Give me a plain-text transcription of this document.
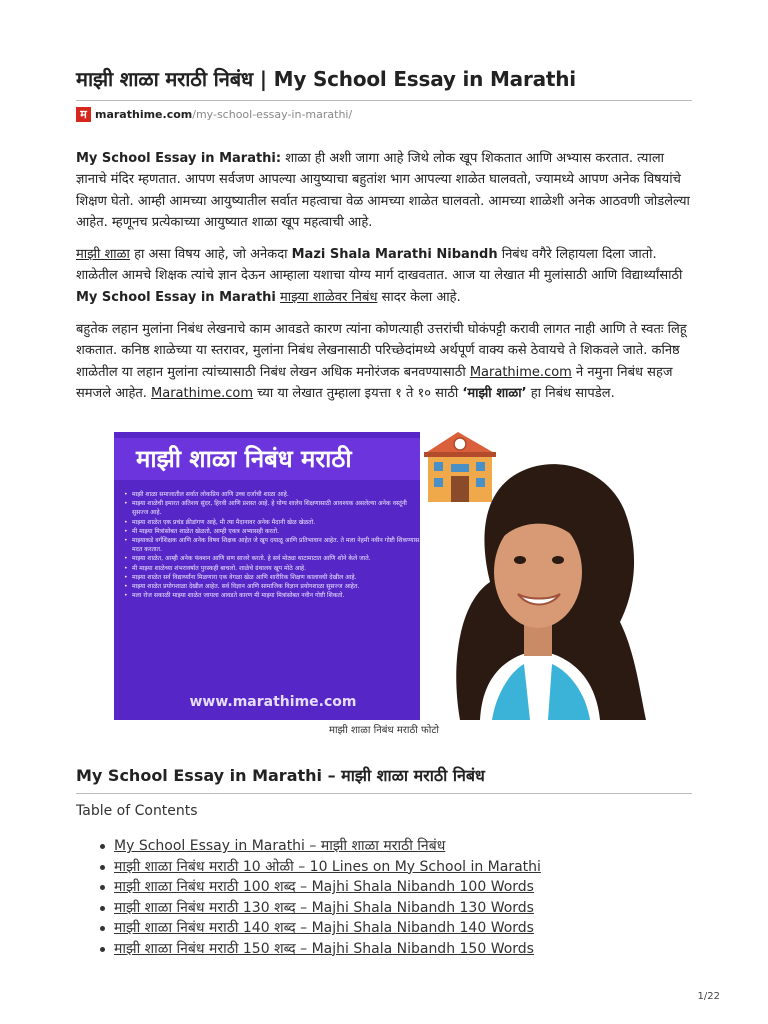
माझी शाळा मराठी निबंध | My School Essay in Marathi
म marathime.com /my-school-essay-in-marathi/

My School Essay in Marathi: शाळा ही अशी जागा आहे जिथे लोक खूप शिकतात आणि अभ्यास करतात. त्याला ज्ञानाचे मंदिर म्हणतात. आपण सर्वजण आपल्या आयुष्याचा बहुतांश भाग आपल्या शाळेत घालवतो, ज्यामध्ये आपण अनेक विषयांचे शिक्षण घेतो. आम्ही आमच्या आयुष्यातील सर्वात महत्वाचा वेळ आमच्या शाळेत घालवतो. आमच्या शाळेशी अनेक आठवणी जोडलेल्या आहेत. म्हणूनच प्रत्येकाच्या आयुष्यात शाळा खूप महत्वाची आहे.

माझी शाळा हा असा विषय आहे, जो अनेकदा Mazi Shala Marathi Nibandh निबंध वगैरे लिहायला दिला जातो. शाळेतील आमचे शिक्षक त्यांचे ज्ञान देऊन आम्हाला यशाचा योग्य मार्ग दाखवतात. आज या लेखात मी मुलांसाठी आणि विद्यार्थ्यांसाठी My School Essay in Marathi माझ्या शाळेवर निबंध सादर केला आहे.

बहुतेक लहान मुलांना निबंध लेखनाचे काम आवडते कारण त्यांना कोणत्याही उत्तरांची घोकंपट्टी करावी लागत नाही आणि ते स्वतः लिहू शकतात. कनिष्ठ शाळेच्या या स्तरावर, मुलांना निबंध लेखनासाठी परिच्छेदांमध्ये अर्थपूर्ण वाक्य कसे ठेवायचे ते शिकवले जाते. कनिष्ठ शाळेतील या लहान मुलांना त्यांच्यासाठी निबंध लेखन अधिक मनोरंजक बनवण्यासाठी Marathime.com ने नमुना निबंध सहज समजले आहेत. Marathime.com च्या या लेखात तुम्हाला इयत्ता १ ते १० साठी ‘माझी शाळा’ हा निबंध सापडेल.

माझी शाळा निबंध मराठी
• माझी शाळा समाजातील सर्वात लोकप्रिय आणि उच्च दर्जाची शाळा आहे.
• माझ्या शाळेची इमारत अतिशय सुंदर, हिरवी आणि प्रशस्त आहे. हे योग्य शालेय शिक्षणासाठी आवश्यक असलेल्या अनेक वस्तूंनी सुसज्ज आहे.
• माझ्या शाळेत एक प्रचंड क्रीडांगण आहे, मी त्या मैदानावर अनेक मैदानी खेळ खेळतो.
• मी माझ्या मित्रांसोबत शाळेत खेळतो, आम्ही एकत्र अभ्यासही करतो.
• माझ्याकडे वर्गशिक्षक आणि अनेक विषय शिक्षक आहेत जे खूप दयाळू आणि प्रतिभावान आहेत. ते मला नेहमी नवीन गोष्टी शिकण्यास मदत करतात.
• माझ्या शाळेत, आम्ही अनेक फंक्शन आणि सण साजरे करतो. हे सर्व मोठ्या थाटामाटात आणि शोने केले जाते.
• मी माझ्या शाळेच्या शंभरावर्षात पुरस्कही बाचलो. शाळेचे ग्रंथालय खूप मोठे आहे.
• माझ्या शाळेत सर्व विद्यार्थ्यांना मिळणारा एक वेगळा खेळ आणि शारीरिक शिक्षण कालावधी देखील आहे.
• माझ्या शाळेत प्रयोगशाळा देखील आहेत. सर्व विज्ञान आणि सामाजिक विज्ञान प्रयोगशाळा सुसज्ज आहेत.
• मला रोज सकाळी माझ्या शाळेत जायला आवडते कारण मी माझ्या मित्रांसोबत नवीन गोष्टी शिकतो.
www.marathime.com
माझी शाळा निबंध मराठी फोटो
My School Essay in Marathi – माझी शाळा मराठी निबंध
Table of Contents
My School Essay in Marathi – माझी शाळा मराठी निबंध
माझी शाळा निबंध मराठी 10 ओळी – 10 Lines on My School in Marathi
माझी शाळा निबंध मराठी 100 शब्द – Majhi Shala Nibandh 100 Words
माझी शाळा निबंध मराठी 130 शब्द – Majhi Shala Nibandh 130 Words
माझी शाळा निबंध मराठी 140 शब्द – Majhi Shala Nibandh 140 Words
माझी शाळा निबंध मराठी 150 शब्द – Majhi Shala Nibandh 150 Words
1/22
